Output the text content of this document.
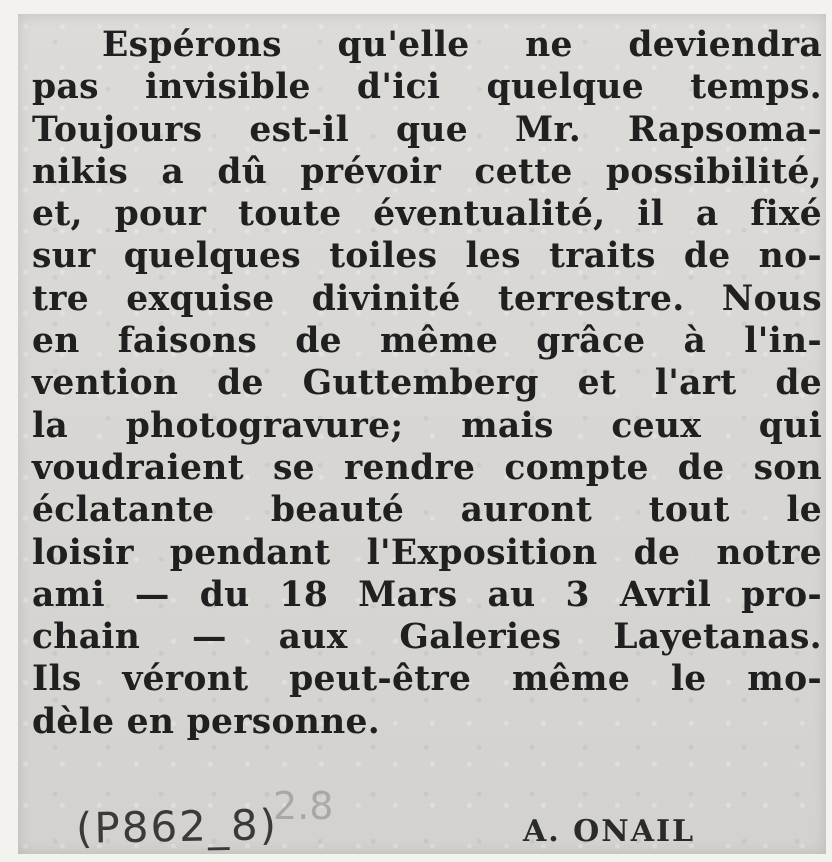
Espérons qu'elle ne deviendra
pas invisible d'ici quelque temps.
Toujours est-il que Mr. Rapsoma-
nikis a dû prévoir cette possibilité,
et, pour toute éventualité, il a fixé
sur quelques toiles les traits de no-
tre exquise divinité terrestre. Nous
en faisons de même grâce à l'in-
vention de Guttemberg et l'art de
la photogravure; mais ceux qui
voudraient se rendre compte de son
éclatante beauté auront tout le
loisir pendant l'Exposition de notre
ami — du 18 Mars au 3 Avril pro-
chain — aux Galeries Layetanas.
Ils véront peut-être même le mo-
dèle en personne.
2.8
(P862_8)	A. ONAIL
